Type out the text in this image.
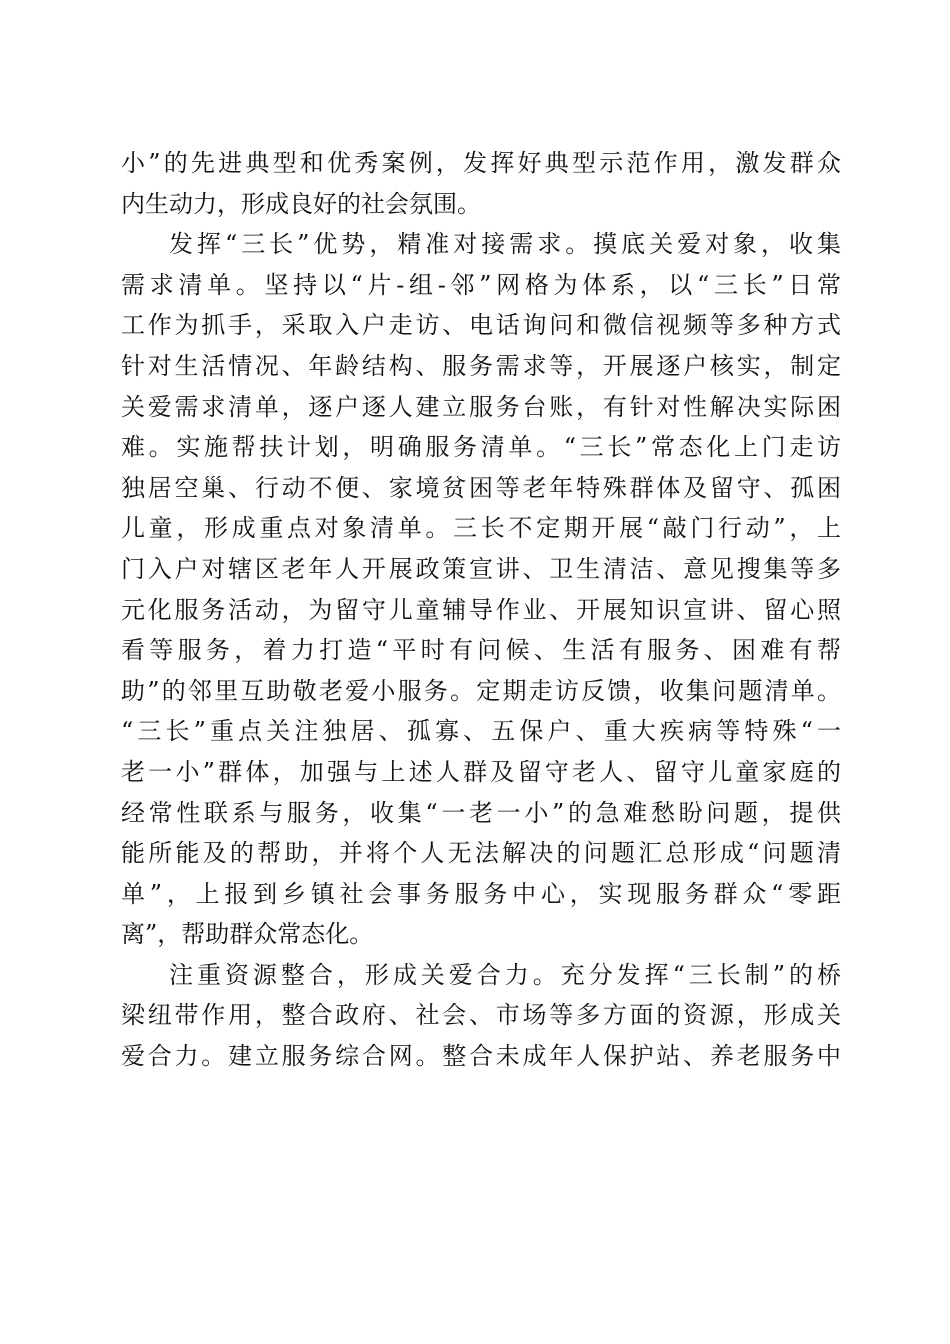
小”的先进典型和优秀案例，发挥好典型示范作用，激发群众
内生动力，形成良好的社会氛围。
发挥“三长”优势，精准对接需求。摸底关爱对象，收集
需求清单。坚持以“片-组-邻”网格为体系，以“三长”日常
工作为抓手，采取入户走访、电话询问和微信视频等多种方式
针对生活情况、年龄结构、服务需求等，开展逐户核实，制定
关爱需求清单，逐户逐人建立服务台账，有针对性解决实际困
难。实施帮扶计划，明确服务清单。“三长”常态化上门走访
独居空巢、行动不便、家境贫困等老年特殊群体及留守、孤困
儿童，形成重点对象清单。三长不定期开展“敲门行动”，上
门入户对辖区老年人开展政策宣讲、卫生清洁、意见搜集等多
元化服务活动，为留守儿童辅导作业、开展知识宣讲、留心照
看等服务，着力打造“平时有问候、生活有服务、困难有帮
助”的邻里互助敬老爱小服务。定期走访反馈，收集问题清单。
“三长”重点关注独居、孤寡、五保户、重大疾病等特殊“一
老一小”群体，加强与上述人群及留守老人、留守儿童家庭的
经常性联系与服务，收集“一老一小”的急难愁盼问题，提供
能所能及的帮助，并将个人无法解决的问题汇总形成“问题清
单”，上报到乡镇社会事务服务中心，实现服务群众“零距
离”，帮助群众常态化。
注重资源整合，形成关爱合力。充分发挥“三长制”的桥
梁纽带作用，整合政府、社会、市场等多方面的资源，形成关
爱合力。建立服务综合网。整合未成年人保护站、养老服务中
